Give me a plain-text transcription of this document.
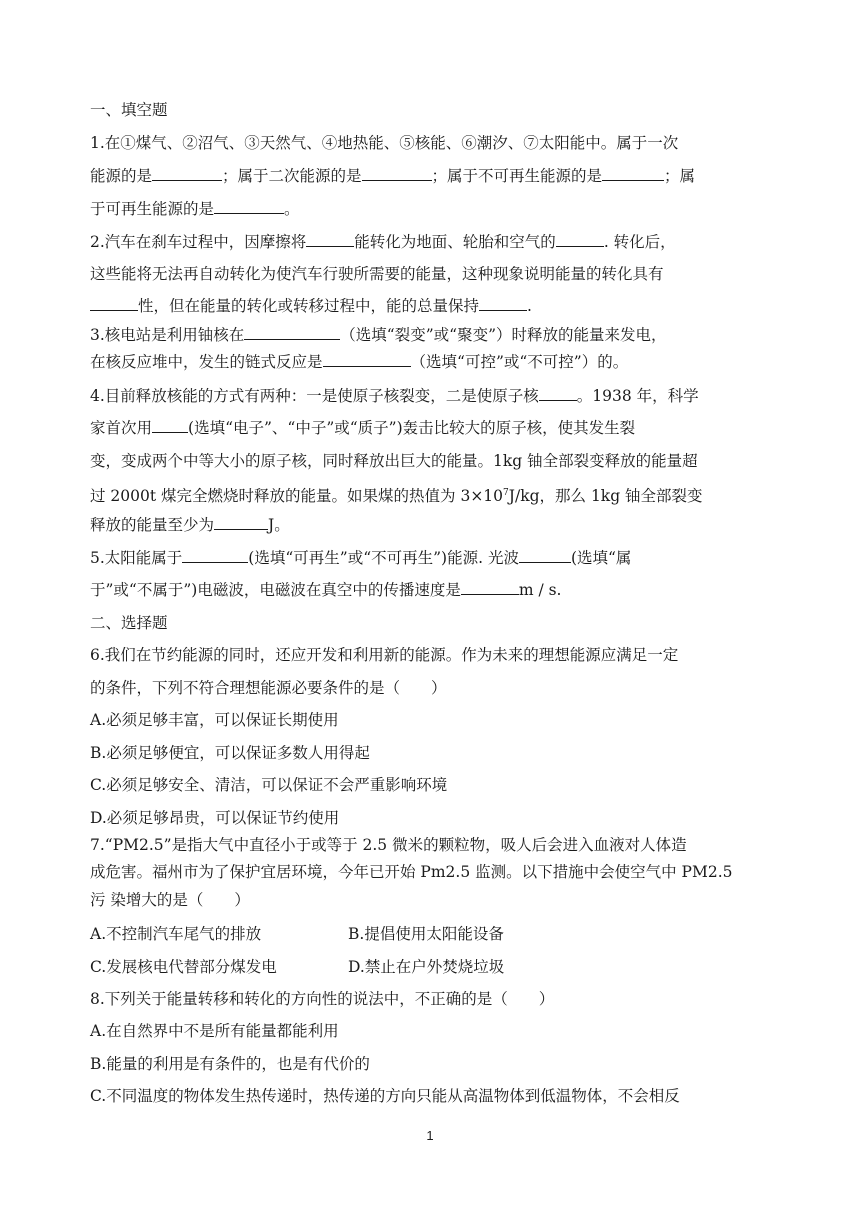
一、填空题
1.在①煤气、②沼气、③天然气、④地热能、⑤核能、⑥潮汐、⑦太阳能中。属于一次
能源的是	；属于二次能源的是	；属于不可再生能源的是	；属
于可再生能源的是	。
2.汽车在刹车过程中，因摩擦将	能转化为地面、轮胎和空气的	. 转化后，
这些能将无法再自动转化为使汽车行驶所需要的能量，这种现象说明能量的转化具有
性，但在能量的转化或转移过程中，能的总量保持	.
3.核电站是利用铀核在	（选填“裂变”或“聚变”）时释放的能量来发电，
在核反应堆中，发生的链式反应是	（选填“可控”或“不可控”）的。
4.目前释放核能的方式有两种：一是使原子核裂变，二是使原子核 。1938 年，科学
家首次用 (选填“电子”、“中子”或“质子”)轰击比较大的原子核，使其发生裂
变，变成两个中等大小的原子核，同时释放出巨大的能量。1kg 铀全部裂变释放的能量超
过 2000t 煤完全燃烧时释放的能量。如果煤的热值为 $3\times 10^7J/kg$，那么 1kg 铀全部裂变
释放的能量至少为	J。
5.太阳能属于	(选填“可再生”或“不可再生”)能源. 光波	(选填“属
于”或“不属于”)电磁波，电磁波在真空中的传播速度是	m / s.
二、选择题
6.我们在节约能源的同时，还应开发和利用新的能源。作为未来的理想能源应满足一定
的条件，下列不符合理想能源必要条件的是（　　）
A.必须足够丰富，可以保证长期使用
B.必须足够便宜，可以保证多数人用得起
C.必须足够安全、清洁，可以保证不会严重影响环境
D.必须足够昂贵，可以保证节约使用
7.“PM2.5”是指大气中直径小于或等于 2.5 微米的颗粒物，吸人后会进入血液对人体造
成危害。福州市为了保护宜居环境，今年已开始 Pm2.5 监测。以下措施中会使空气中 PM2.5
污 染增大的是（　　）
A.不控制汽车尾气的排放	B.提倡使用太阳能设备
C.发展核电代替部分煤发电	D.禁止在户外焚烧垃圾
8.下列关于能量转移和转化的方向性的说法中，不正确的是（　　）
A.在自然界中不是所有能量都能利用
B.能量的利用是有条件的，也是有代价的
C.不同温度的物体发生热传递时，热传递的方向只能从高温物体到低温物体，不会相反
1
